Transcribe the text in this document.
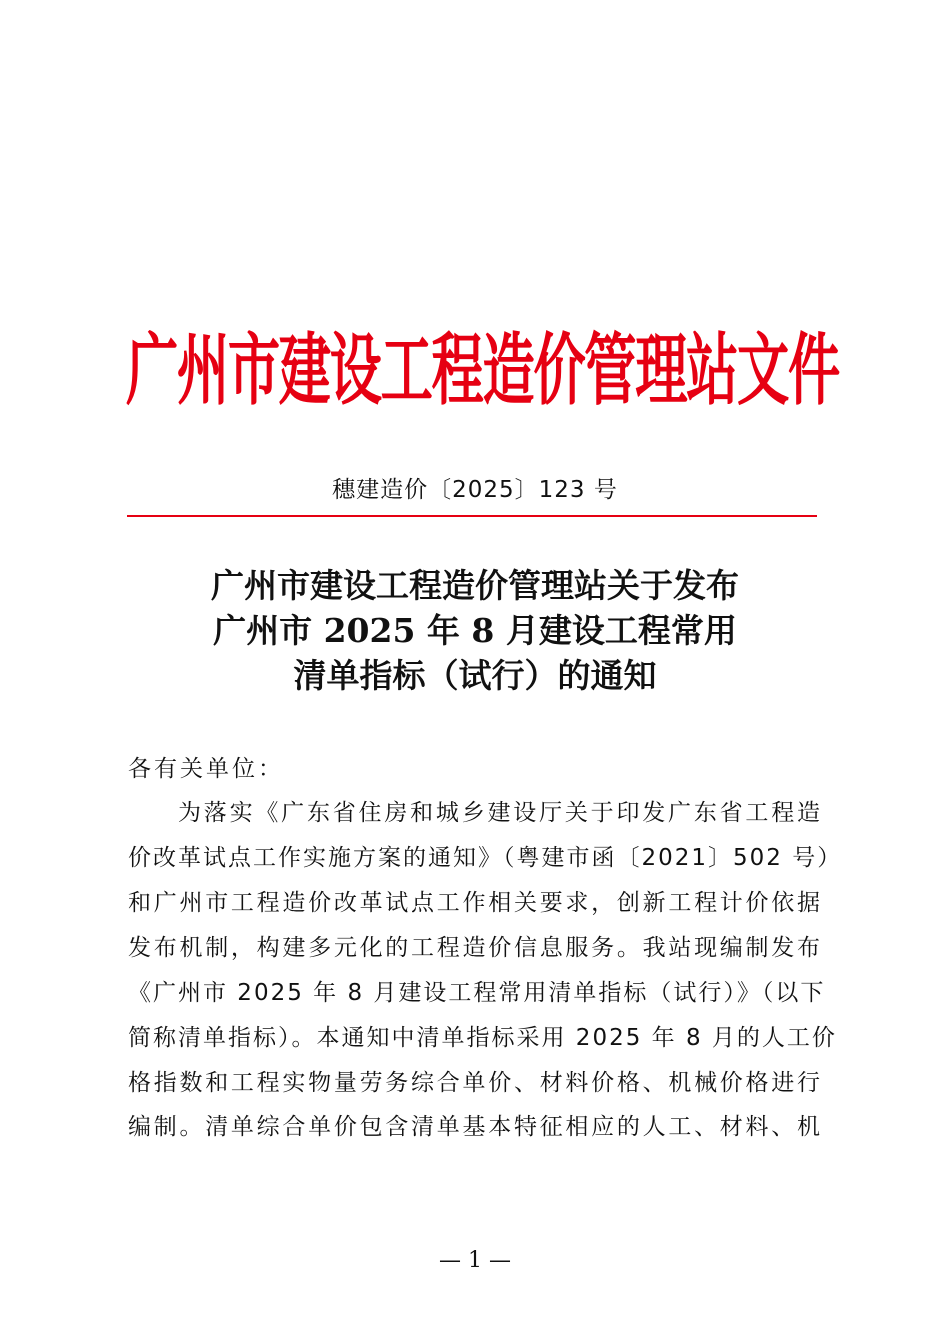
广州市建设工程造价管理站文件
穗建造价〔2025〕123 号
广州市建设工程造价管理站关于发布
广州市 2025 年 8 月建设工程常用
清单指标（试行）的通知
各有关单位：
为落实《广东省住房和城乡建设厅关于印发广东省工程造
价改革试点工作实施方案的通知》（粤建市函〔2021〕502 号）
和广州市工程造价改革试点工作相关要求，创新工程计价依据
发布机制，构建多元化的工程造价信息服务。我站现编制发布
《广州市 2025 年 8 月建设工程常用清单指标（试行）》（以下
简称清单指标）。本通知中清单指标采用 2025 年 8 月的人工价
格指数和工程实物量劳务综合单价、材料价格、机械价格进行
编制。清单综合单价包含清单基本特征相应的人工、材料、机
— 1 —
